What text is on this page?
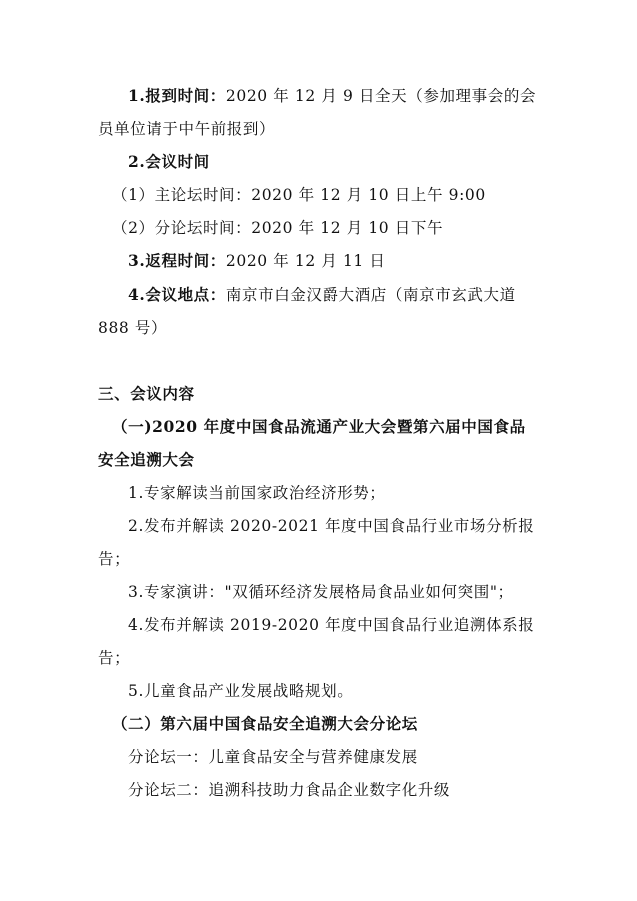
1.报到时间：2020 年 12 月 9 日全天（参加理事会的会
员单位请于中午前报到）
2.会议时间
（1）主论坛时间：2020 年 12 月 10 日上午 9:00
（2）分论坛时间：2020 年 12 月 10 日下午
3.返程时间：2020 年 12 月 11 日
4.会议地点：南京市白金汉爵大酒店（南京市玄武大道
888 号）
三、会议内容
（一)2020 年度中国食品流通产业大会暨第六届中国食品
安全追溯大会
1.专家解读当前国家政治经济形势；
2.发布并解读 2020-2021 年度中国食品行业市场分析报
告；
3.专家演讲："双循环经济发展格局食品业如何突围"；
4.发布并解读 2019-2020 年度中国食品行业追溯体系报
告；
5.儿童食品产业发展战略规划。
（二）第六届中国食品安全追溯大会分论坛
分论坛一：儿童食品安全与营养健康发展
分论坛二：追溯科技助力食品企业数字化升级
